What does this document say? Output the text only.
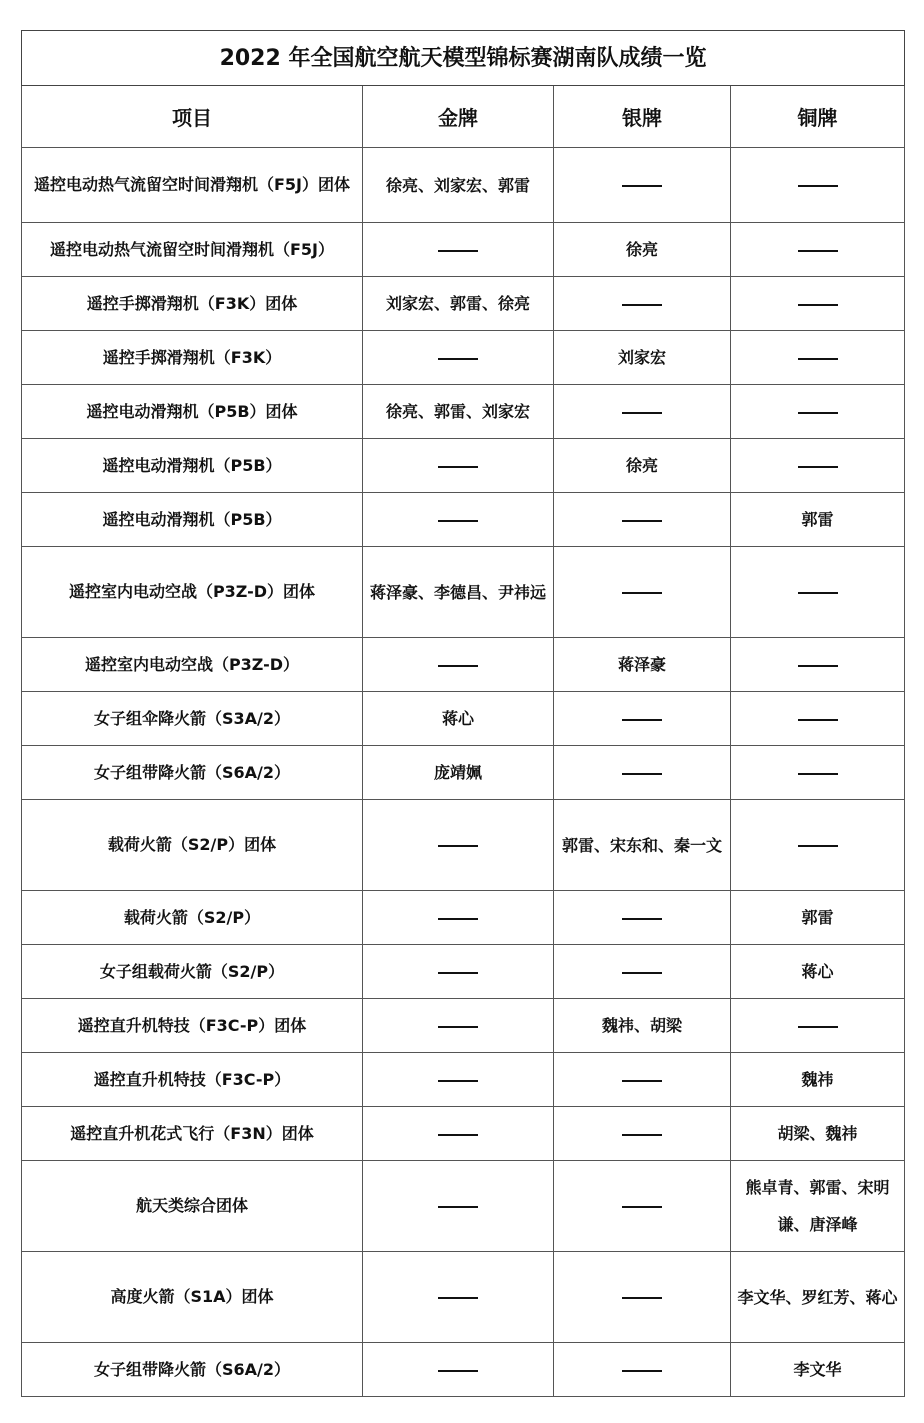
2022 年全国航空航天模型锦标赛湖南队成绩一览			
项目	金牌	银牌	铜牌
遥控电动热气流留空时间滑翔机（F5J）团体	徐亮、刘家宏、郭雷		
遥控电动热气流留空时间滑翔机（F5J）		徐亮	
遥控手掷滑翔机（F3K）团体	刘家宏、郭雷、徐亮		
遥控手掷滑翔机（F3K）		刘家宏	
遥控电动滑翔机（P5B）团体	徐亮、郭雷、刘家宏		
遥控电动滑翔机（P5B）		徐亮	
遥控电动滑翔机（P5B）			郭雷
遥控室内电动空战（P3Z-D）团体	蒋泽豪、李德昌、尹祎远		
遥控室内电动空战（P3Z-D）		蒋泽豪	
女子组伞降火箭（S3A/2）	蒋心		
女子组带降火箭（S6A/2）	庞靖姵		
载荷火箭（S2/P）团体		郭雷、宋东和、秦一文	
载荷火箭（S2/P）			郭雷
女子组载荷火箭（S2/P）			蒋心
遥控直升机特技（F3C-P）团体		魏祎、胡梁	
遥控直升机特技（F3C-P）			魏祎
遥控直升机花式飞行（F3N）团体			胡梁、魏祎
航天类综合团体			熊卓青、郭雷、宋明谦、唐泽峰
高度火箭（S1A）团体			李文华、罗红芳、蒋心
女子组带降火箭（S6A/2）			李文华
